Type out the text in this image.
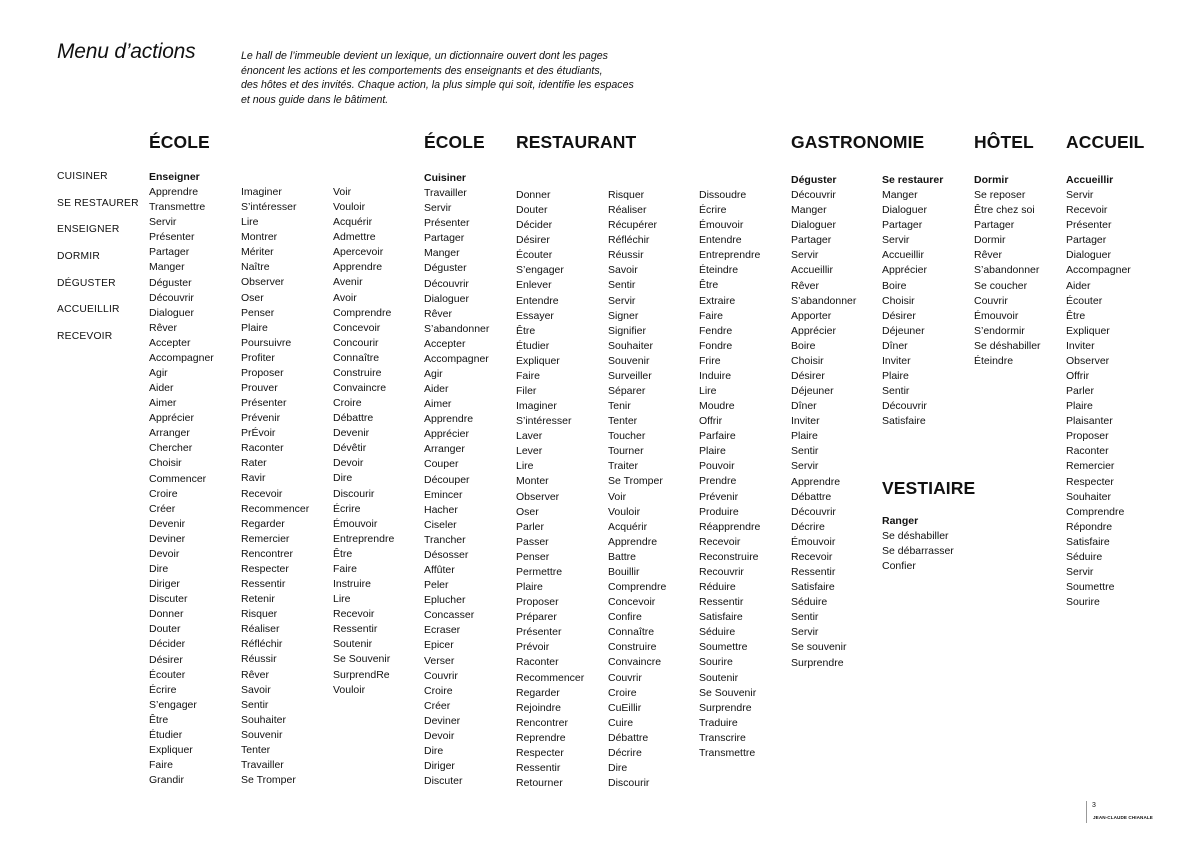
Menu d’actions	Le hall de l’immeuble devient un lexique, un dictionnaire ouvert dont les pages
énoncent les actions et les comportements des enseignants et des étudiants,
des hôtes et des invités. Chaque action, la plus simple qui soit, identifie les espaces
et nous guide dans le bâtiment.
ÉCOLE	ÉCOLE RESTAURANT	GASTRONOMIE	HÔTEL ACCUEIL
VESTIAIRE
CUISINER
SE RESTAURER
ENSEIGNER
DORMIR
DÉGUSTER
ACCUEILLIR
RECEVOIR
Enseigner
Apprendre
Transmettre
Servir
Présenter
Partager
Manger
Déguster
Découvrir
Dialoguer
Rêver
Accepter
Accompagner
Agir
Aider
Aimer
Apprécier
Arranger
Chercher
Choisir
Commencer
Croire
Créer
Devenir
Deviner
Devoir
Dire
Diriger
Discuter
Donner
Douter
Décider
Désirer
Écouter
Écrire
S’engager
Être
Étudier
Expliquer
Faire
Grandir
Imaginer
S’intéresser
Lire
Montrer
Mériter
Naître
Observer
Oser
Penser
Plaire
Poursuivre
Profiter
Proposer
Prouver
Présenter
Prévenir
PrÉvoir
Raconter
Rater
Ravir
Recevoir
Recommencer
Regarder
Remercier
Rencontrer
Respecter
Ressentir
Retenir
Risquer
Réaliser
Réfléchir
Réussir
Rêver
Savoir
Sentir
Souhaiter
Souvenir
Tenter
Travailler
Se Tromper
Voir
Vouloir
Acquérir
Admettre
Apercevoir
Apprendre
Avenir
Avoir
Comprendre
Concevoir
Concourir
Connaître
Construire
Convaincre
Croire
Débattre
Devenir
Dévêtir
Devoir
Dire
Discourir
Écrire
Émouvoir
Entreprendre
Être
Faire
Instruire
Lire
Recevoir
Ressentir
Soutenir
Se Souvenir
SurprendRe
Vouloir
Cuisiner
Travailler
Servir
Présenter
Partager
Manger
Déguster
Découvrir
Dialoguer
Rêver
S’abandonner
Accepter
Accompagner
Agir
Aider
Aimer
Apprendre
Apprécier
Arranger
Couper
Découper
Emincer
Hacher
Ciseler
Trancher
Désosser
Affûter
Peler
Eplucher
Concasser
Ecraser
Epicer
Verser
Couvrir
Croire
Créer
Deviner
Devoir
Dire
Diriger
Discuter
Donner
Douter
Décider
Désirer
Écouter
S’engager
Enlever
Entendre
Essayer
Être
Étudier
Expliquer
Faire
Filer
Imaginer
S’intéresser
Laver
Lever
Lire
Monter
Observer
Oser
Parler
Passer
Penser
Permettre
Plaire
Proposer
Préparer
Présenter
Prévoir
Raconter
Recommencer
Regarder
Rejoindre
Rencontrer
Reprendre
Respecter
Ressentir
Retourner
Risquer
Réaliser
Récupérer
Réfléchir
Réussir
Savoir
Sentir
Servir
Signer
Signifier
Souhaiter
Souvenir
Surveiller
Séparer
Tenir
Tenter
Toucher
Tourner
Traiter
Se Tromper
Voir
Vouloir
Acquérir
Apprendre
Battre
Bouillir
Comprendre
Concevoir
Confire
Connaître
Construire
Convaincre
Couvrir
Croire
CuEillir
Cuire
Débattre
Décrire
Dire
Discourir
Dissoudre
Écrire
Émouvoir
Entendre
Entreprendre
Éteindre
Être
Extraire
Faire
Fendre
Fondre
Frire
Induire
Lire
Moudre
Offrir
Parfaire
Plaire
Pouvoir
Prendre
Prévenir
Produire
Réapprendre
Recevoir
Reconstruire
Recouvrir
Réduire
Ressentir
Satisfaire
Séduire
Soumettre
Sourire
Soutenir
Se Souvenir
Surprendre
Traduire
Transcrire
Transmettre
Déguster
Découvrir
Manger
Dialoguer
Partager
Servir
Accueillir
Rêver
S’abandonner
Apporter
Apprécier
Boire
Choisir
Désirer
Déjeuner
Dîner
Inviter
Plaire
Sentir
Servir
Apprendre
Débattre
Découvrir
Décrire
Émouvoir
Recevoir
Ressentir
Satisfaire
Séduire
Sentir
Servir
Se souvenir
Surprendre
Se restaurer
Manger
Dialoguer
Partager
Servir
Accueillir
Apprécier
Boire
Choisir
Désirer
Déjeuner
Dîner
Inviter
Plaire
Sentir
Découvrir
Satisfaire
Ranger
Se déshabiller
Se débarrasser
Confier
Dormir
Se reposer
Être chez soi
Partager
Dormir
Rêver
S’abandonner
Se coucher
Couvrir
Émouvoir
S’endormir
Se déshabiller
Éteindre
Accueillir
Servir
Recevoir
Présenter
Partager
Dialoguer
Accompagner
Aider
Écouter
Être
Expliquer
Inviter
Observer
Offrir
Parler
Plaire
Plaisanter
Proposer
Raconter
Remercier
Respecter
Souhaiter
Comprendre
Répondre
Satisfaire
Séduire
Servir
Soumettre
Sourire
3
JEAN-CLAUDE CHIANALE
